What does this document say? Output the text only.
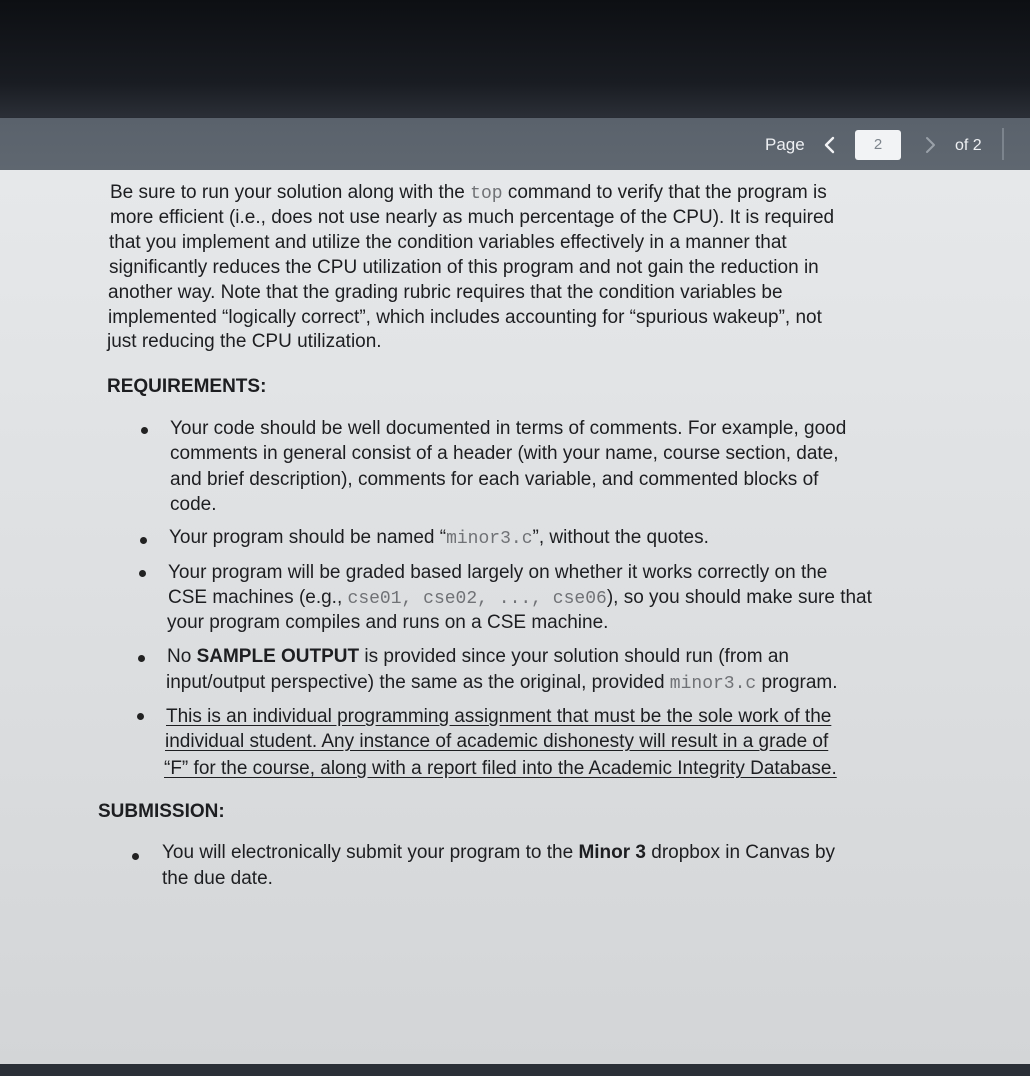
Page	2	of 2

Be sure to run your solution along with the top command to verify that the program is

more efficient (i.e., does not use nearly as much percentage of the CPU). It is required

that you implement and utilize the condition variables effectively in a manner that

significantly reduces the CPU utilization of this program and not gain the reduction in

another way. Note that the grading rubric requires that the condition variables be

implemented “logically correct”, which includes accounting for “spurious wakeup”, not

just reducing the CPU utilization.

REQUIREMENTS:

Your code should be well documented in terms of comments. For example, good

comments in general consist of a header (with your name, course section, date,

and brief description), comments for each variable, and commented blocks of

code.

Your program should be named “minor3.c”, without the quotes.

Your program will be graded based largely on whether it works correctly on the

CSE machines (e.g., cse01, cse02, ..., cse06), so you should make sure that

your program compiles and runs on a CSE machine.

No SAMPLE OUTPUT is provided since your solution should run (from an

input/output perspective) the same as the original, provided minor3.c program.

This is an individual programming assignment that must be the sole work of the

individual student. Any instance of academic dishonesty will result in a grade of

“F” for the course, along with a report filed into the Academic Integrity Database.

SUBMISSION:

You will electronically submit your program to the Minor 3 dropbox in Canvas by

the due date.
